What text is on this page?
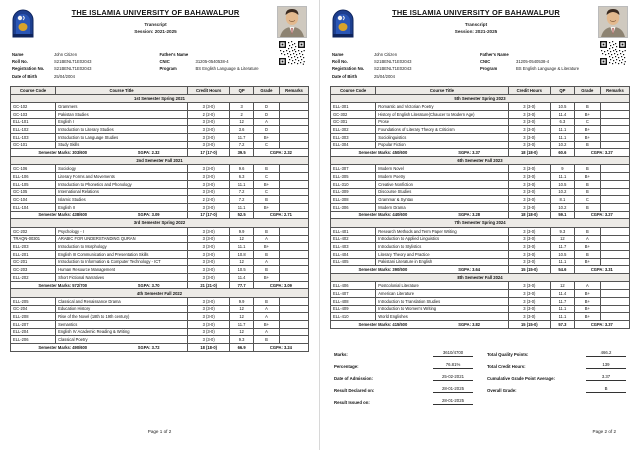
THE ISLAMIA UNIVERSITY OF BAHAWALPUR
Transcript
Session: 2021-2025
Name	John Citizen
Roll No.	S21BENLT1E02043
Registration No.	S21BENLT1E02043
Date of Birth	25/04/2004
Father's Name
CNIC	31205-0540538-4
Program	BS English Language & Literature
Course Code	Course Title	Credit Hours	QP	Grade	Remarks
1st Semester Spring 2021					
GC-102	Grammers	3 (3-0)	3	D	
GC-103	Pakistan Studies	2 (2-0)	2	D	
ELL-101	English I	3 (3-0)	12	A	
ELL-102	Introduction to Literary Studies	3 (3-0)	3.6	D	
ELL-103	Introduction to Language Studies	3 (3-0)	11.7	B+	
GC-101	Study Skills	3 (3-0)	7.2	C	

Semester Marks: 303/600 SGPA: 2.32		17 (17-0)	39.5	CGPA: 2.32	
2nd Semester Fall 2021					
GC-106	Sociology	3 (3-0)	9.6	B	
ELL-106	Literary Forms and Movements	3 (3-0)	6.3	C	
ELL-105	Introduction to Phonetics and Phonology	3 (3-0)	11.1	B+	
GC-105	International Relations	3 (3-0)	7.2	C	
GC-104	Islamic Studies	2 (2-0)	7.2	B	
ELL-104	English II	3 (3-0)	11.1	B+	

Semester Marks: 438/600 SGPA: 3.09		17 (17-0)	52.5	CGPA: 2.71	
3rd Semester Spring 2022					
GC-202	Psychology - I	3 (3-0)	9.9	B	
TRAQN-00301	ARABIC FOR UNDERSTANDING QURAN	3 (3-0)	12	A	
ELL-203	Introduction to Morphology	3 (3-0)	11.1	B+	
ELL-201	English III Communication and Presentation Skills	3 (3-0)	10.8	B	
GC-201	Introduction to Information & Computer Technology - ICT	3 (3-0)	12	A	
GC-203	Human Resource Management	3 (3-0)	10.5	B	
ELL-202	Short Fictional Narratives	3 (3-0)	11.4	B+	

Semester Marks: 572/700 SGPA: 3.70		21 (21-0)	77.7	CGPA: 3.09	
4th Semester Fall 2022					
ELL-205	Classical and Renaissance Drama	3 (3-0)	9.9	B	
GC-204	Education History	3 (3-0)	12	A	
ELL-208	Rise of the Novel (18th to 19th century)	3 (3-0)	12	A	
ELL-207	Semantics	3 (3-0)	11.7	B+	
ELL-204	English IV Academic Reading & Writing	3 (3-0)	12	A	
ELL-206	Classical Poetry	3 (3-0)	9.3	B	

Semester Marks: 490/600 SGPA: 3.72		18 (18-0)	66.9	CGPA: 3.24	
Page 1 of 2
THE ISLAMIA UNIVERSITY OF BAHAWALPUR
Transcript
Session: 2021-2025
Name	John Citizen
Roll No.	S21BENLT1E02043
Registration No.	S21BENLT1E02043
Date of Birth	25/04/2004
Father's Name
CNIC	31205-0540538-4
Program	BS English Language & Literature
Course Code	Course Title	Credit Hours	QP	Grade	Remarks
5th Semester Spring 2023					
ELL-301	Romantic and Victorian Poetry	3 (3-0)	10.5	B	
GC-302	History of English Literature(Chaucer to Modern Age)	3 (3-0)	11.4	B+	
GC-301	Prose	3 (3-0)	6.3	C	
ELL-302	Foundations of Literary Theory & Criticism	3 (3-0)	11.1	B+	
ELL-303	Sociolinguistics	3 (3-0)	11.1	B+	
ELL-304	Popular Fiction	3 (3-0)	10.2	B	

Semester Marks: 450/600 SGPA: 3.37		18 (18-0)	60.6	CGPA: 3.27	
6th Semester Fall 2023					
ELL-307	Modern Novel	3 (3-0)	9	B	
ELL-305	Modern Poetry	3 (3-0)	11.1	B+	
ELL-310	Creative Nonfiction	3 (3-0)	10.5	B	
ELL-309	Discourse Studies	3 (3-0)	10.2	B	
ELL-308	Grammar & Syntax	3 (3-0)	8.1	C	
ELL-306	Modern Drama	3 (3-0)	10.2	B	

Semester Marks: 440/600 SGPA: 3.28		18 (18-0)	59.1	CGPA: 3.27	
7th Semester Spring 2024					
ELL-401	Research Methods and Term Paper Writing	3 (3-0)	9.3	B	
ELL-402	Introduction to Applied Linguistics	3 (3-0)	12	A	
ELL-403	Introduction to Stylistics	3 (3-0)	11.7	B+	
ELL-404	Literary Theory and Practice	3 (3-0)	10.5	B	
ELL-405	Pakistani Literature in English	3 (3-0)	11.1	B+	

Semester Marks: 390/500 SGPA: 3.64		15 (15-0)	54.6	CGPA: 3.31	
8th Semester Fall 2024					
ELL-406	Postcolonial Literature	3 (3-0)	12	A	
ELL-407	American Literature	3 (3-0)	11.4	B+	
ELL-408	Introduction to Translation Studies	3 (3-0)	11.7	B+	
ELL-409	Introduction to Women's Writing	3 (3-0)	11.1	B+	
ELL-410	World Englishes	3 (3-0)	11.1	B+	

Semester Marks: 415/500 SGPA: 3.82		15 (15-0)	57.3	CGPA: 3.37	
Marks:	3610/4700
Percentage:	76.81%
Date of Admission:	25-02-2021
Result Declared on:	28-01-2025
Result Issued on:	28-01-2025
Total Quality Points:	466.2
Total Credit Hours:	139
Cumulative Grade Point Average:	3.37
Overall Grade:	B
Page 2 of 2
